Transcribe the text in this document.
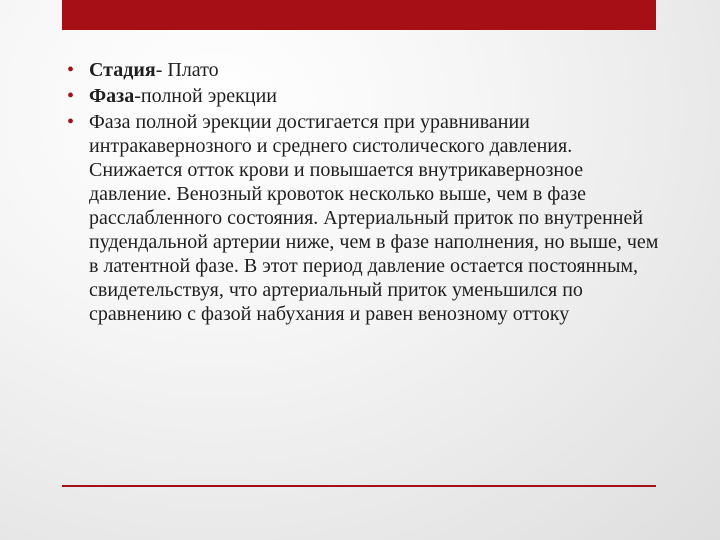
• Стадия- Плато
• Фаза-полной эрекции
• Фаза полной эрекции достигается при уравнивании интракавернозного и среднего систолического давления. Снижается отток крови и повышается внутрикавернозное давление. Венозный кровоток несколько выше, чем в фазе расслабленного состояния. Артериальный приток по внутренней пудендальной артерии ниже, чем в фазе наполнения, но выше, чем в латентной фазе. В этот период давление остается постоянным, свидетельствуя, что артериальный приток уменьшился по сравнению с фазой набухания и равен венозному оттоку
